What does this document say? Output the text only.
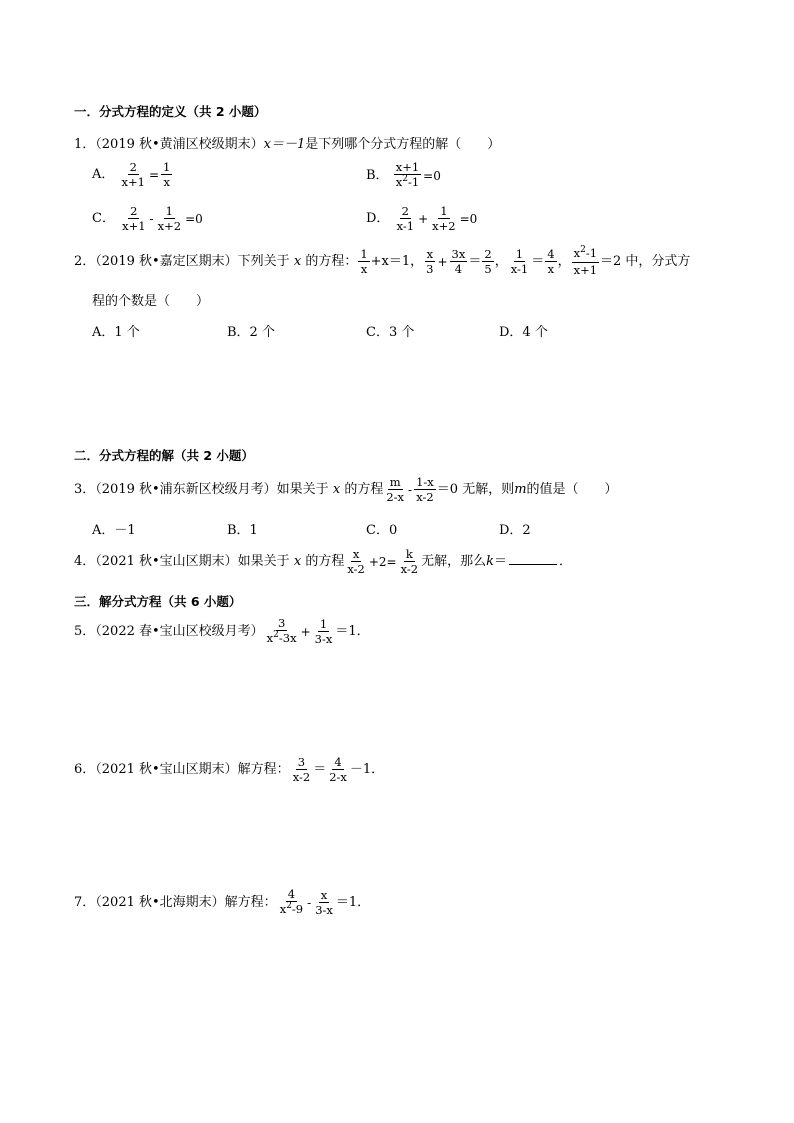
一．分式方程的定义（共 2 小题）
1．（2019 秋•黄浦区校级期末）x＝－1是下列哪个分式方程的解（　　）
A． $\frac{2}{x+1} = \frac{1}{x}$	B． $\frac{x+1}{x^2-1} =0$
C． $\frac{2}{x+1} - \frac{1}{x+2} =0$	D． $\frac{2}{x-1} + \frac{1}{x+2} =0$
2．（2019 秋•嘉定区期末）下列关于 x 的方程： $\frac{1}{x} +x=1$， $\frac{x}{3} + \frac{3x}{4} = \frac{2}{5}$ ， $\frac{1}{x-1} = \frac{4}{x}$ ， $\frac{x^2-1}{x+1} =2$ 中，分式方
程的个数是（　　）
A．1 个	B．2 个	C．3 个	D．4 个
二．分式方程的解（共 2 小题）
3．（2019 秋•浦东新区校级月考）如果关于 x 的方程 $\frac{m}{2-x} - \frac{1-x}{x-2} =0$ 无解，则m的值是（　　）
A．－1	B．1	C．0	D．2
4．（2021 秋•宝山区期末）如果关于 x 的方程 $\frac{x}{x-2} +2= \frac{k}{x-2}$ 无解，那么k＝	．
三．解分式方程（共 6 小题）
5．（2022 春•宝山区校级月考） $\frac{3}{x^2-3x} + \frac{1}{3-x} =1$．
6．（2021 秋•宝山区期末）解方程： $\frac{3}{x-2} = \frac{4}{2-x} -1$．
7．（2021 秋•北海期末）解方程： $\frac{4}{x^2-9} - \frac{x}{3-x} =1$．
